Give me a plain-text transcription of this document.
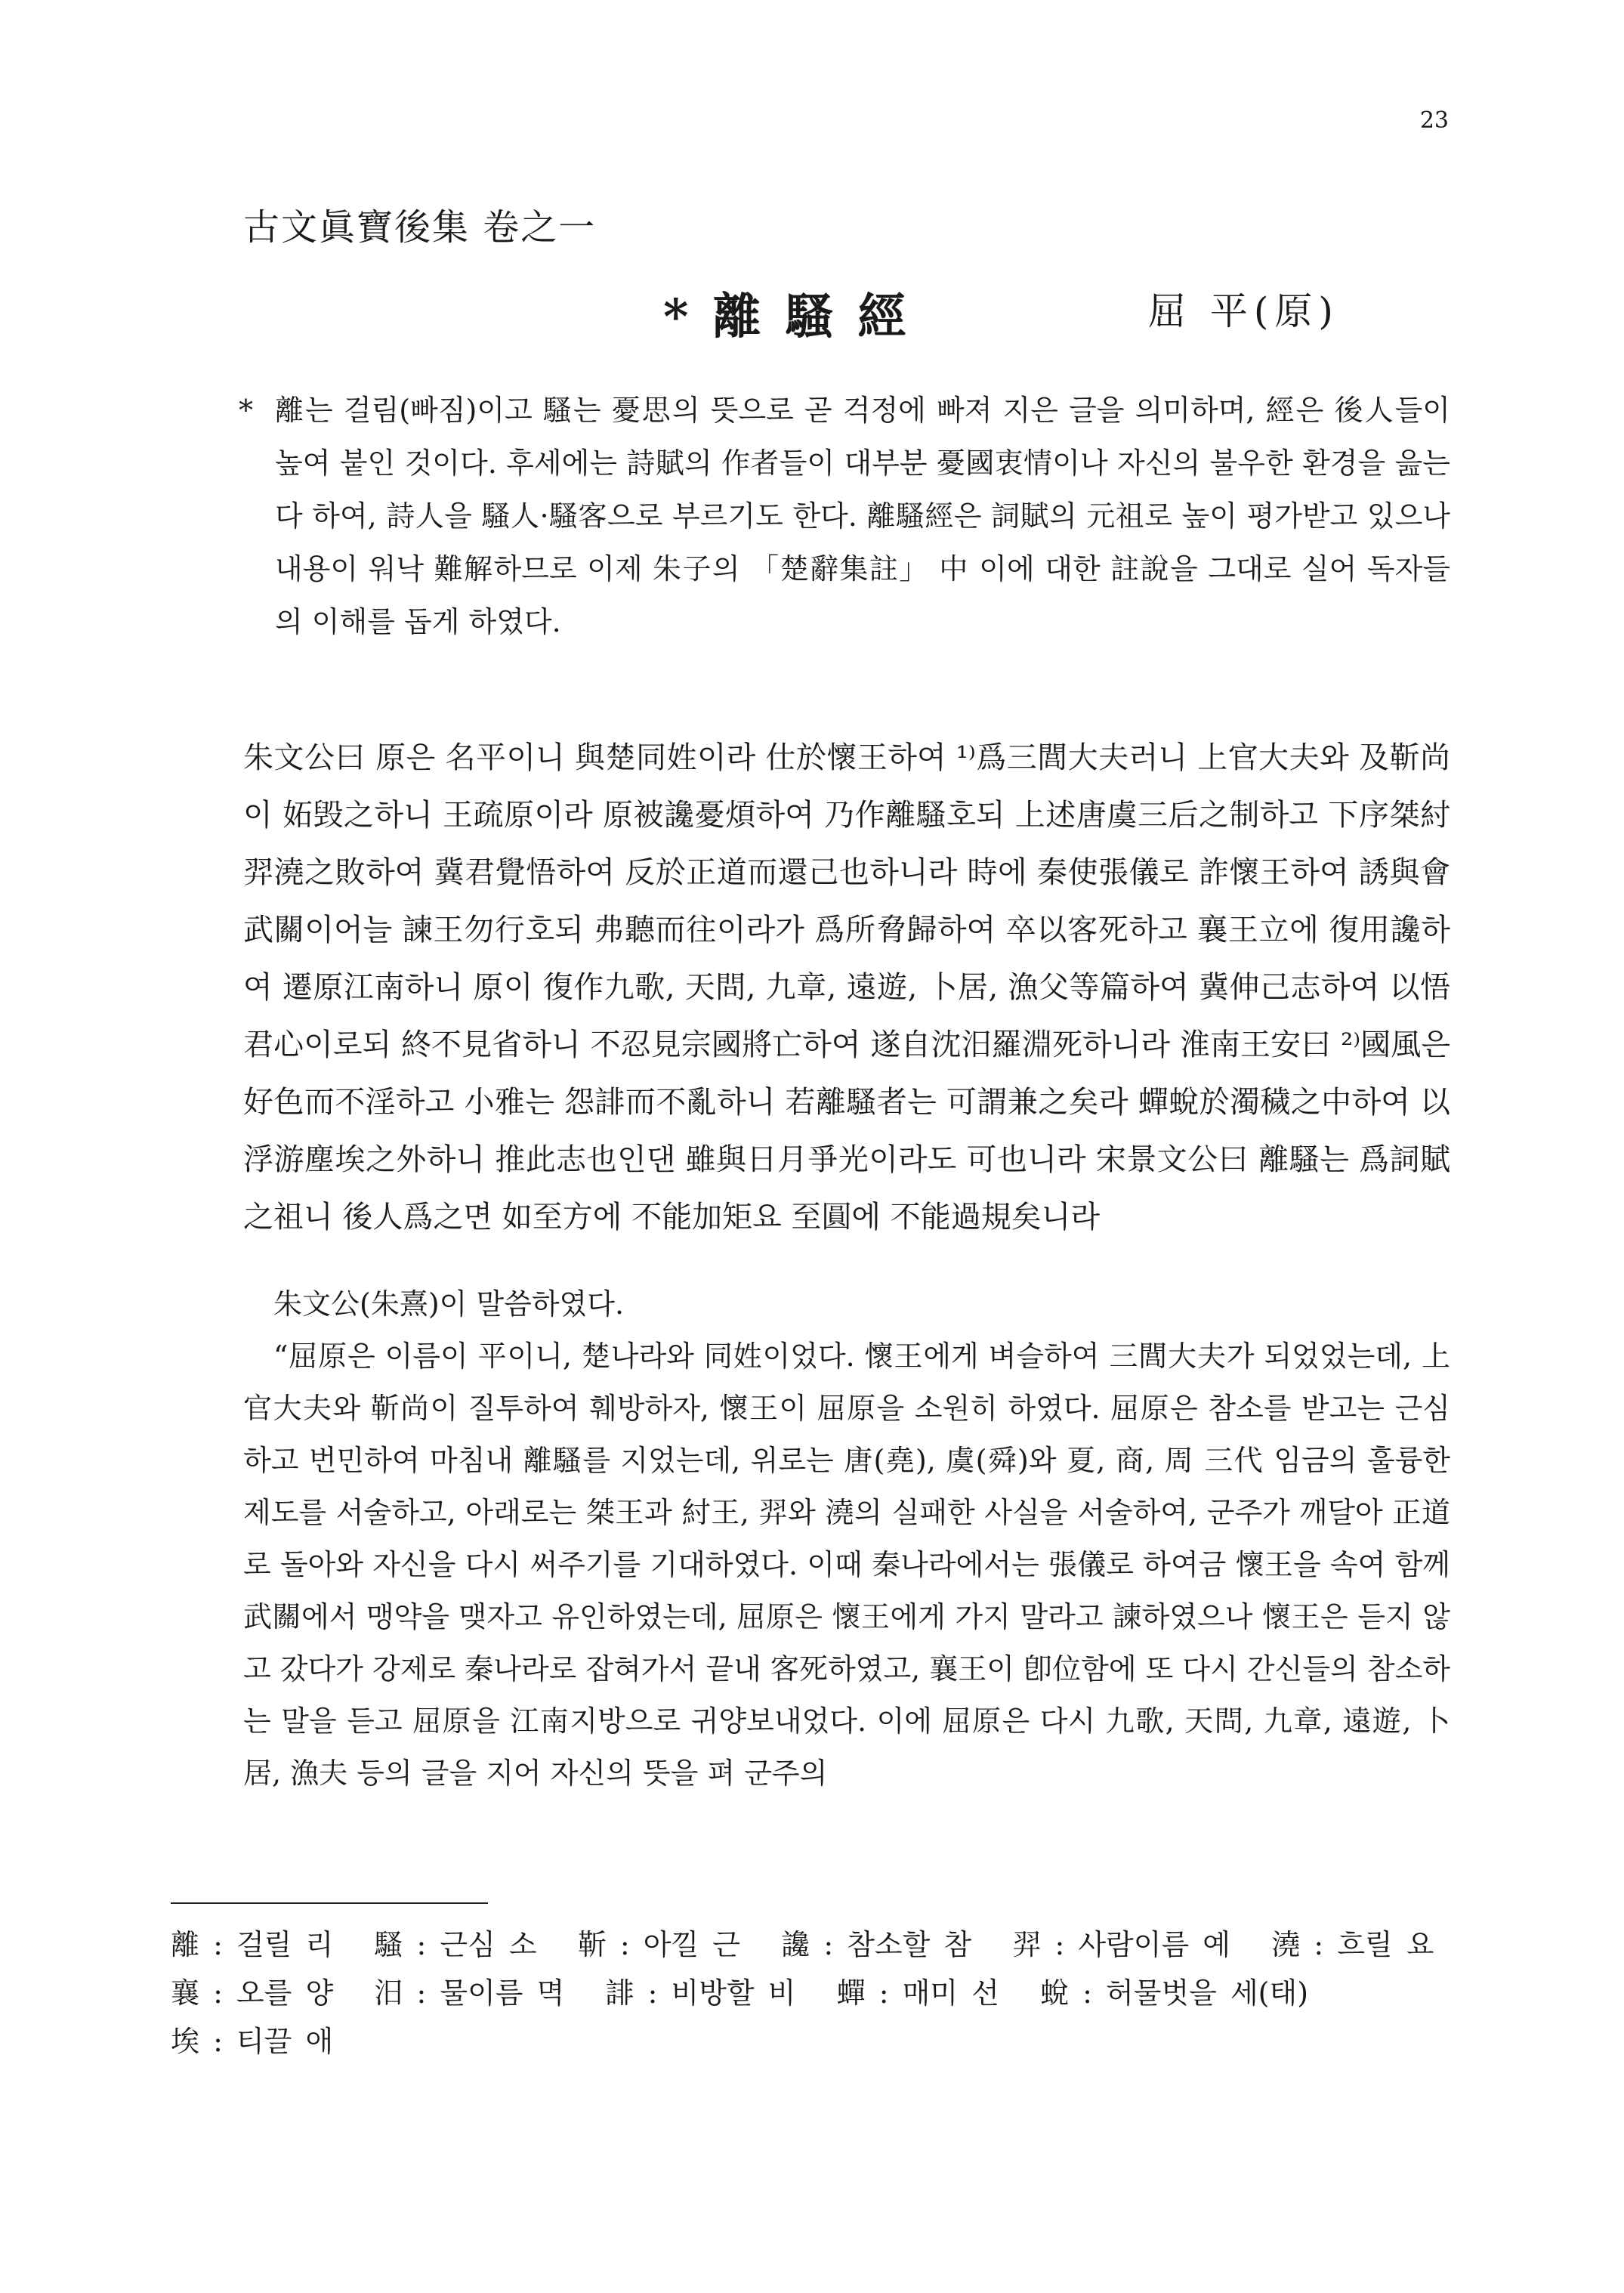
23
古文眞寶後集 卷之一
*離騷經	屈 平(原)
* 離는 걸림(빠짐)이고 騷는 憂思의 뜻으로 곧 걱정에 빠져 지은 글을 의미하며, 經은 後人들이 높여 붙인 것이다. 후세에는 詩賦의 作者들이 대부분 憂國衷情이나 자신의 불우한 환경을 읊는다 하여, 詩人을 騷人·騷客으로 부르기도 한다. 離騷經은 詞賦의 元祖로 높이 평가받고 있으나 내용이 워낙 難解하므로 이제 朱子의 「楚辭集註」 中 이에 대한 註說을 그대로 실어 독자들의 이해를 돕게 하였다.
朱文公曰 原은 名平이니 與楚同姓이라 仕於懷王하여 ¹⁾爲三閭大夫러니 上官大夫와 及靳尚이 妬毁之하니 王疏原이라 原被讒憂煩하여 乃作離騷호되 上述唐虞三后之制하고 下序桀紂羿澆之敗하여 冀君覺悟하여 反於正道而還己也하니라 時에 秦使張儀로 詐懷王하여 誘與會武關이어늘 諫王勿行호되 弗聽而往이라가 爲所脅歸하여 卒以客死하고 襄王立에 復用讒하여 遷原江南하니 原이 復作九歌, 天問, 九章, 遠遊, 卜居, 漁父等篇하여 冀伸己志하여 以悟君心이로되 終不見省하니 不忍見宗國將亡하여 遂自沈汨羅淵死하니라 淮南王安曰 ²⁾國風은 好色而不淫하고 小雅는 怨誹而不亂하니 若離騷者는 可謂兼之矣라 蟬蛻於濁穢之中하여 以浮游塵埃之外하니 推此志也인댄 雖與日月爭光이라도 可也니라 宋景文公曰 離騷는 爲詞賦之祖니 後人爲之면 如至方에 不能加矩요 至圓에 不能過規矣니라

朱文公(朱熹)이 말씀하였다.

“屈原은 이름이 平이니, 楚나라와 同姓이었다. 懷王에게 벼슬하여 三閭大夫가 되었었는데, 上官大夫와 靳尚이 질투하여 훼방하자, 懷王이 屈原을 소원히 하였다. 屈原은 참소를 받고는 근심하고 번민하여 마침내 離騷를 지었는데, 위로는 唐(堯), 虞(舜)와 夏, 商, 周 三代 임금의 훌륭한 제도를 서술하고, 아래로는 桀王과 紂王, 羿와 澆의 실패한 사실을 서술하여, 군주가 깨달아 正道로 돌아와 자신을 다시 써주기를 기대하였다. 이때 秦나라에서는 張儀로 하여금 懷王을 속여 함께 武關에서 맹약을 맺자고 유인하였는데, 屈原은 懷王에게 가지 말라고 諫하였으나 懷王은 듣지 않고 갔다가 강제로 秦나라로 잡혀가서 끝내 客死하였고, 襄王이 卽位함에 또 다시 간신들의 참소하는 말을 듣고 屈原을 江南지방으로 귀양보내었다. 이에 屈原은 다시 九歌, 天問, 九章, 遠遊, 卜居, 漁夫 등의 글을 지어 자신의 뜻을 펴 군주의

離 : 걸릴 리 騷 : 근심 소 靳 : 아낄 근 讒 : 참소할 참 羿 : 사람이름 예 澆 : 흐릴 요
襄 : 오를 양 汨 : 물이름 멱 誹 : 비방할 비 蟬 : 매미 선 蛻 : 허물벗을 세(태)
埃 : 티끌 애
